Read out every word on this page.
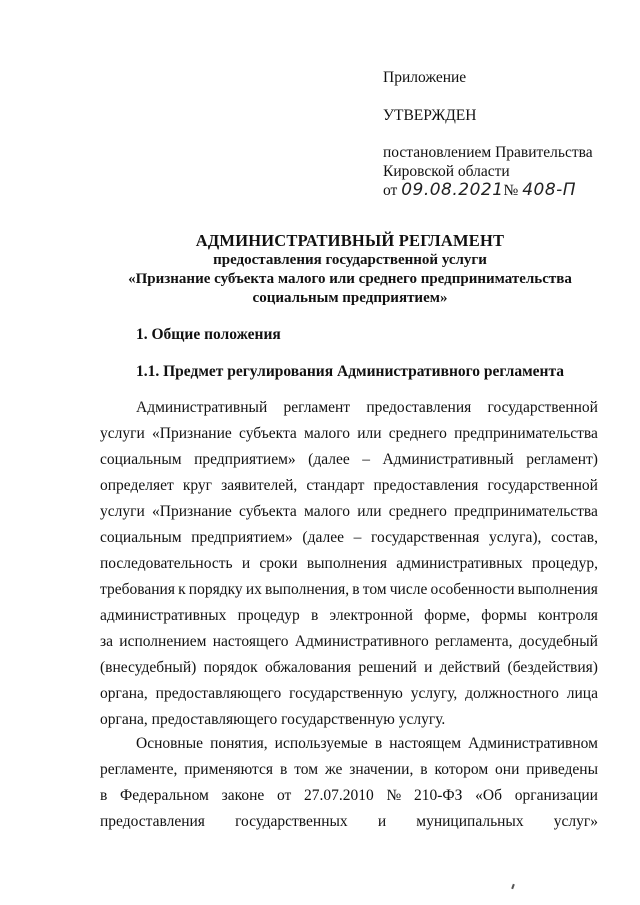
Приложение
УТВЕРЖДЕН
постановлением Правительства
Кировской области
от 09.08.2021№ 408-П
АДМИНИСТРАТИВНЫЙ РЕГЛАМЕНТ
предоставления государственной услуги
«Признание субъекта малого или среднего предпринимательства
социальным предприятием»
1. Общие положения
1.1. Предмет регулирования Административного регламента
Административный регламент предоставления государственной
услуги «Признание субъекта малого или среднего предпринимательства
социальным предприятием» (далее – Административный регламент)
определяет круг заявителей, стандарт предоставления государственной
услуги «Признание субъекта малого или среднего предпринимательства
социальным предприятием» (далее – государственная услуга), состав,
последовательность и сроки выполнения административных процедур,
требования к порядку их выполнения, в том числе особенности выполнения
административных процедур в электронной форме, формы контроля
за исполнением настоящего Административного регламента, досудебный
(внесудебный) порядок обжалования решений и действий (бездействия)
органа, предоставляющего государственную услугу, должностного лица
органа, предоставляющего государственную услугу.
Основные понятия, используемые в настоящем Административном
регламенте, применяются в том же значении, в котором они приведены
в Федеральном законе от 27.07.2010 № 210-ФЗ «Об организации
предоставления государственных и муниципальных услуг»
